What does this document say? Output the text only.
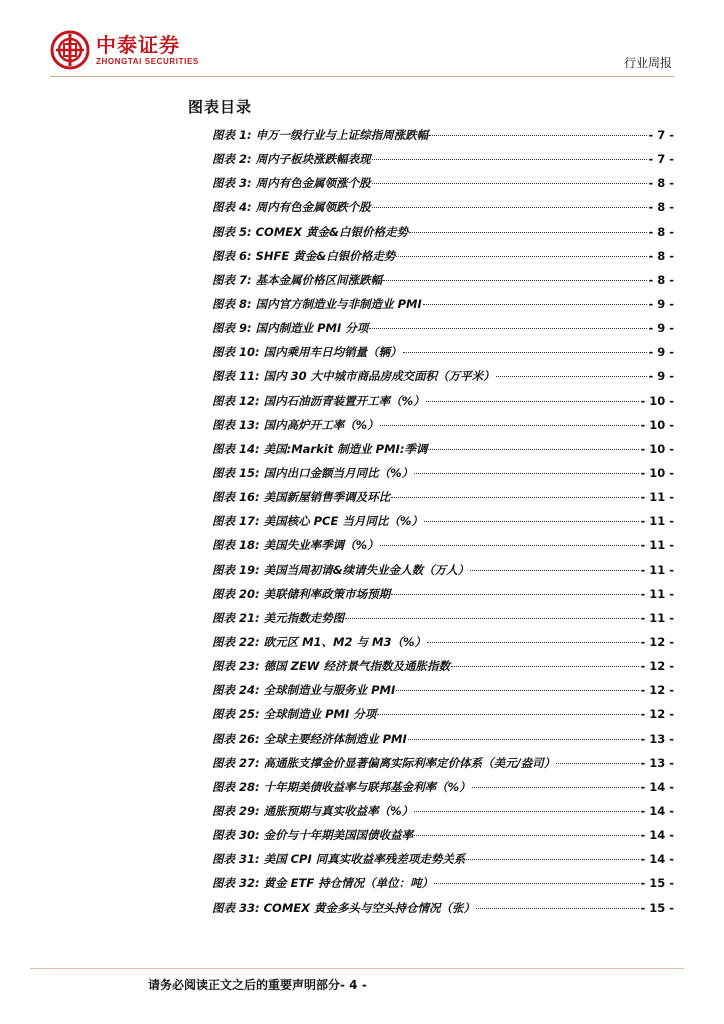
中泰证券
ZHONGTAI SECURITIES	行业周报
图表目录
图表 1: 申万一级行业与上证综指周涨跌幅	- 7 -
图表 2: 周内子板块涨跌幅表现	- 7 -
图表 3: 周内有色金属领涨个股	- 8 -
图表 4: 周内有色金属领跌个股	- 8 -
图表 5: COMEX 黄金&白银价格走势	- 8 -
图表 6: SHFE 黄金&白银价格走势	- 8 -
图表 7: 基本金属价格区间涨跌幅	- 8 -
图表 8: 国内官方制造业与非制造业 PMI	- 9 -
图表 9: 国内制造业 PMI 分项	- 9 -
图表 10: 国内乘用车日均销量（辆）	- 9 -
图表 11: 国内 30 大中城市商品房成交面积（万平米）	- 9 -
图表 12: 国内石油沥青装置开工率（%）	- 10 -
图表 13: 国内高炉开工率（%）	- 10 -
图表 14: 美国:Markit 制造业 PMI:季调	- 10 -
图表 15: 国内出口金额当月同比（%）	- 10 -
图表 16: 美国新屋销售季调及环比	- 11 -
图表 17: 美国核心 PCE 当月同比（%）	- 11 -
图表 18: 美国失业率季调（%）	- 11 -
图表 19: 美国当周初请&续请失业金人数（万人）	- 11 -
图表 20: 美联储利率政策市场预期	- 11 -
图表 21: 美元指数走势图	- 11 -
图表 22: 欧元区 M1、M2 与 M3（%）	- 12 -
图表 23: 德国 ZEW 经济景气指数及通胀指数	- 12 -
图表 24: 全球制造业与服务业 PMI	- 12 -
图表 25: 全球制造业 PMI 分项	- 12 -
图表 26: 全球主要经济体制造业 PMI	- 13 -
图表 27: 高通胀支撑金价显著偏离实际利率定价体系（美元/盎司）	- 13 -
图表 28: 十年期美债收益率与联邦基金利率（%）	- 14 -
图表 29: 通胀预期与真实收益率（%）	- 14 -
图表 30: 金价与十年期美国国债收益率	- 14 -
图表 31: 美国 CPI 同真实收益率残差项走势关系	- 14 -
图表 32: 黄金 ETF 持仓情况（单位：吨）	- 15 -
图表 33: COMEX 黄金多头与空头持仓情况（张）	- 15 -
请务必阅读正文之后的重要声明部分- 4 -
